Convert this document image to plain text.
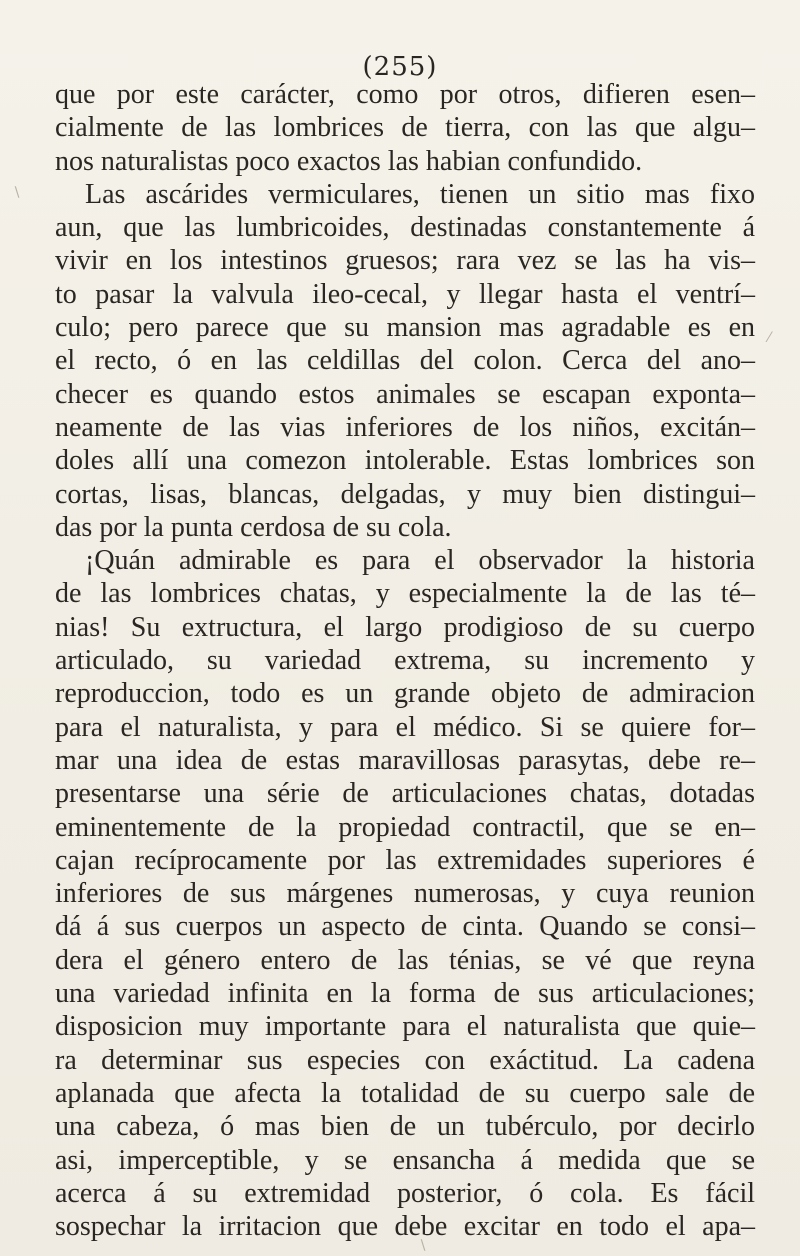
(255)
que por este carácter, como por otros, difieren esen–
cialmente de las lombrices de tierra, con las que algu–
nos naturalistas poco exactos las habian confundido.
Las ascárides vermiculares, tienen un sitio mas fixo
aun, que las lumbricoides, destinadas constantemente á
vivir en los intestinos gruesos; rara vez se las ha vis–
to pasar la valvula ileo-cecal, y llegar hasta el ventrí–
culo; pero parece que su mansion mas agradable es en
el recto, ó en las celdillas del colon. Cerca del ano–
checer es quando estos animales se escapan exponta–
neamente de las vias inferiores de los niños, excitán–
doles allí una comezon intolerable. Estas lombrices son
cortas, lisas, blancas, delgadas, y muy bien distingui–
das por la punta cerdosa de su cola.
¡Quán admirable es para el observador la historia
de las lombrices chatas, y especialmente la de las té–
nias! Su extructura, el largo prodigioso de su cuerpo
articulado, su variedad extrema, su incremento y
reproduccion, todo es un grande objeto de admiracion
para el naturalista, y para el médico. Si se quiere for–
mar una idea de estas maravillosas parasytas, debe re–
presentarse una série de articulaciones chatas, dotadas
eminentemente de la propiedad contractil, que se en–
cajan recíprocamente por las extremidades superiores é
inferiores de sus márgenes numerosas, y cuya reunion
dá á sus cuerpos un aspecto de cinta. Quando se consi–
dera el género entero de las ténias, se vé que reyna
una variedad infinita en la forma de sus articulaciones;
disposicion muy importante para el naturalista que quie–
ra determinar sus especies con exáctitud. La cadena
aplanada que afecta la totalidad de su cuerpo sale de
una cabeza, ó mas bien de un tubérculo, por decirlo
asi, imperceptible, y se ensancha á medida que se
acerca á su extremidad posterior, ó cola. Es fácil
sospechar la irritacion que debe excitar en todo el apa–
∖
⁄
∖
